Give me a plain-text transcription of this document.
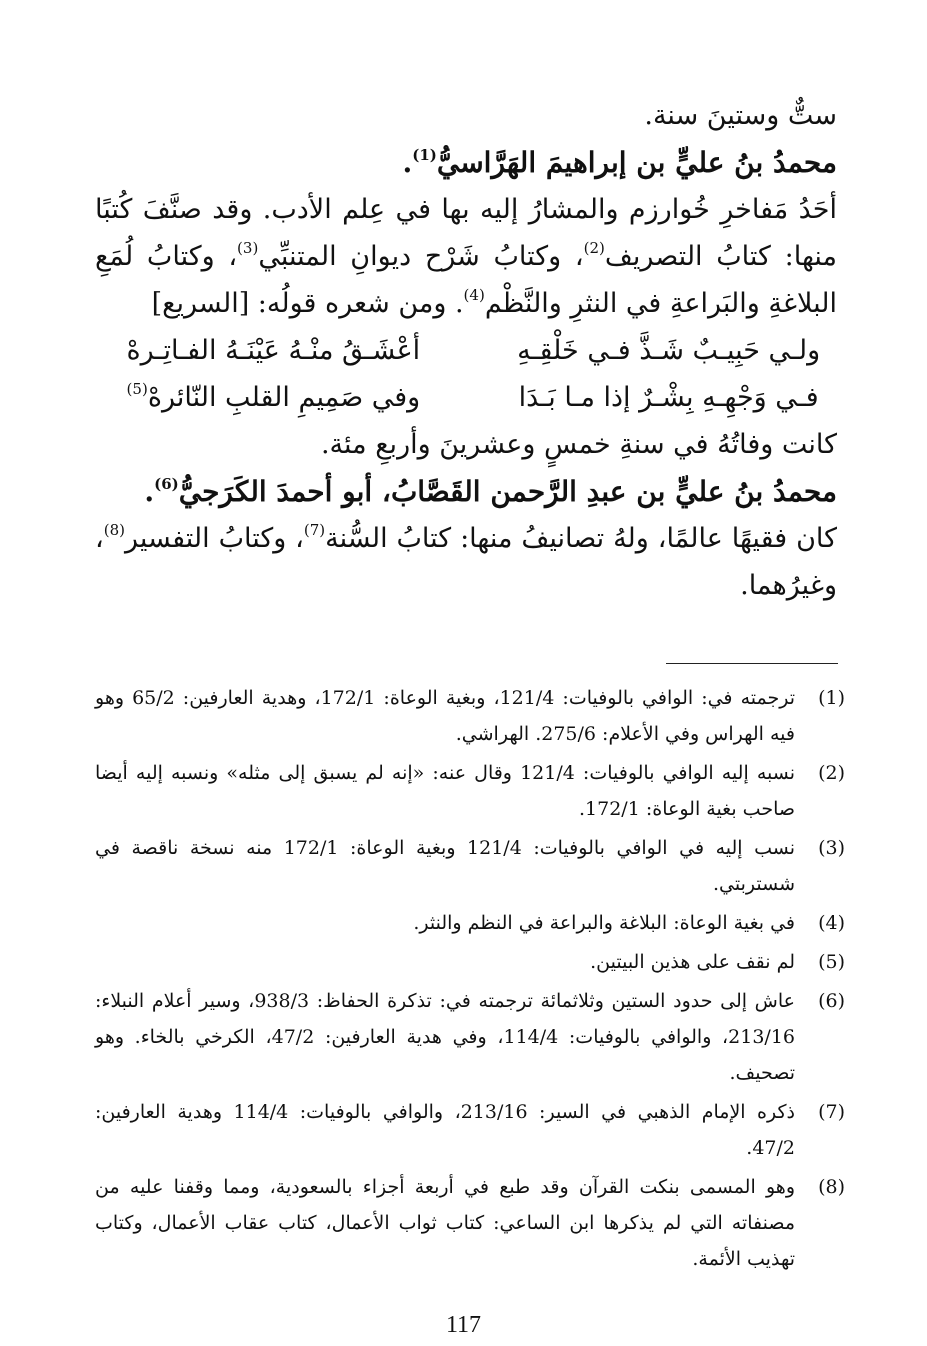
ستٌّ وستينَ سنة.

محمدُ بنُ عليٍّ بن إبراهيمَ الهَرَّاسيُّ$^{(1)}$.

أحَدُ مَفاخرِ خُوارزم والمشارُ إليه بها في عِلم الأدب. وقد صنَّفَ كُتبًا منها: كتابُ التصريف$^{(2)}$، وكتابُ شَرْح ديوانِ المتنبِّي$^{(3)}$، وكتابُ لُمَعِ البلاغةِ والبَراعةِ في النثرِ والنَّظْم$^{(4)}$. ومن شعره قولُه: [السريع]

ولـي حَبِيـبٌ شَـذَّ فـي خَلْقِـهِ
أعْشَـقُ منْـهُ عَيْنَـهُ الفـاتِـرهْ
فـي وَجْهِـهِ بِشْـرٌ إذا مـا بَـدَا
وفي صَمِيمِ القلبِ النّائرهْ$^{(5)}$

كانت وفاتُهُ في سنةِ خمسٍ وعشرينَ وأربعِ مئة.

محمدُ بنُ عليٍّ بن عبدِ الرَّحمن القَصَّابُ، أبو أحمدَ الكَرَجيُّ$^{(6)}$.

كان فقيهًا عالمًا، ولهُ تصانيفُ منها: كتابُ السُّنة$^{(7)}$، وكتابُ التفسير$^{(8)}$، وغيرُهما.

(1)
ترجمته في: الوافي بالوفيات: 121/4، وبغية الوعاة: 172/1، وهدية العارفين: 65/2 وهو فيه الهراس وفي الأعلام: 275/6. الهراشي.
(2)
نسبه إليه الوافي بالوفيات: 121/4 وقال عنه: «إنه لم يسبق إلى مثله» ونسبه إليه أيضا صاحب بغية الوعاة: 172/1.
(3)
نسب إليه في الوافي بالوفيات: 121/4 وبغية الوعاة: 172/1 منه نسخة ناقصة في شستربتي.
(4)
في بغية الوعاة: البلاغة والبراعة في النظم والنثر.
(5)
لم نقف على هذين البيتين.
(6)
عاش إلى حدود الستين وثلاثمائة ترجمته في: تذكرة الحفاظ: 938/3، وسير أعلام النبلاء: 213/16، والوافي بالوفيات: 114/4، وفي هدية العارفين: 47/2، الكرخي بالخاء. وهو تصحيف.
(7)
ذكره الإمام الذهبي في السير: 213/16، والوافي بالوفيات: 114/4 وهدية العارفين: 47/2.
(8)
وهو المسمى بنكت القرآن وقد طبع في أربعة أجزاء بالسعودية، ومما وقفنا عليه من مصنفاته التي لم يذكرها ابن الساعي: كتاب ثواب الأعمال، كتاب عقاب الأعمال، وكتاب تهذيب الأئمة.
117
